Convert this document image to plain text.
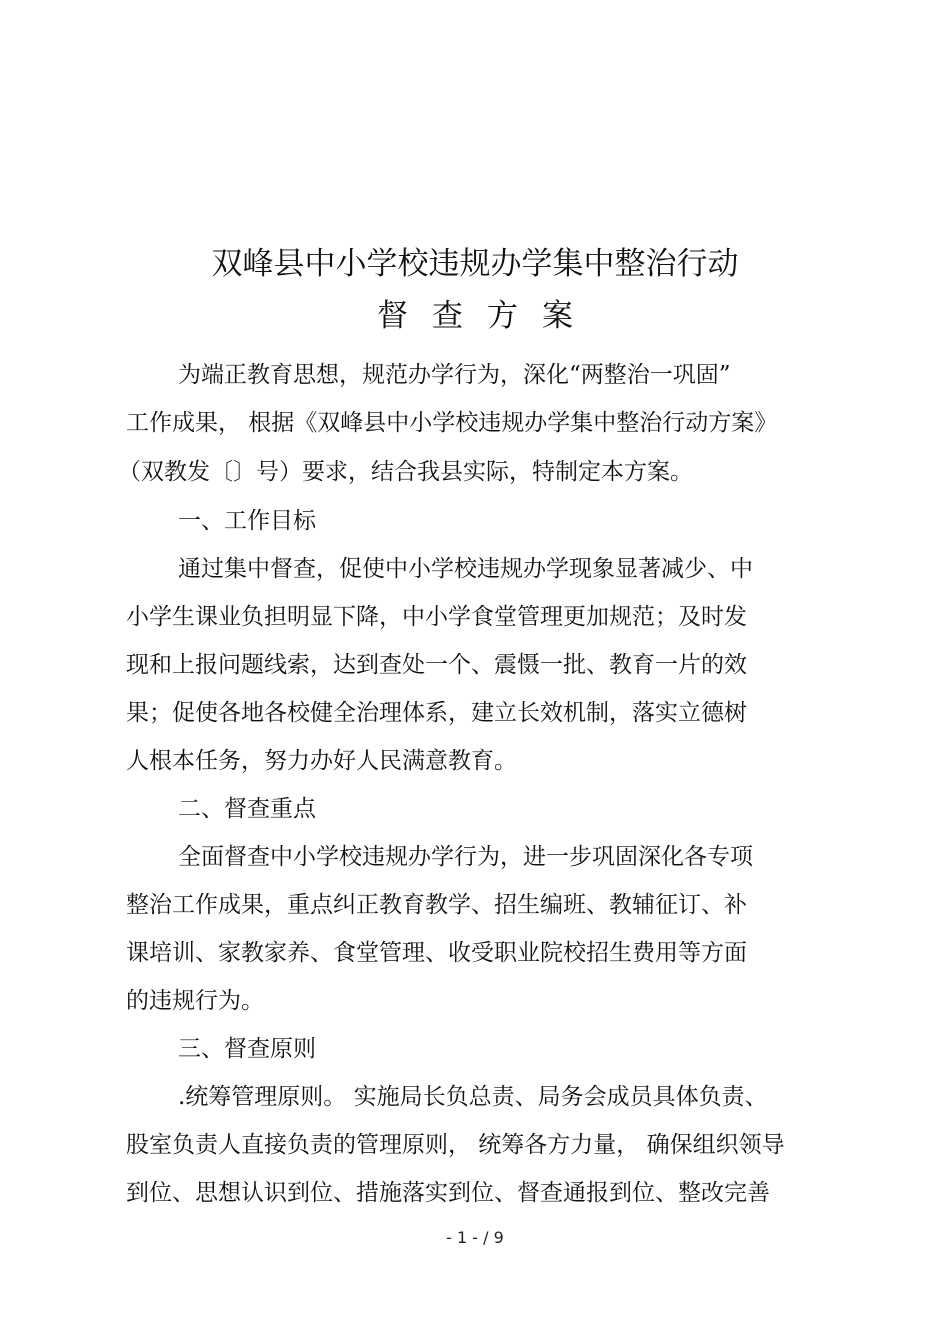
双峰县中小学校违规办学集中整治行动
督查方案
为端正教育思想，规范办学行为，深化“两整治一巩固”
工作成果， 根据《双峰县中小学校违规办学集中整治行动方案》
（双教发〔〕号）要求，结合我县实际，特制定本方案。
一、工作目标
通过集中督查，促使中小学校违规办学现象显著减少、中
小学生课业负担明显下降，中小学食堂管理更加规范；及时发
现和上报问题线索，达到查处一个、震慑一批、教育一片的效
果；促使各地各校健全治理体系，建立长效机制，落实立德树
人根本任务，努力办好人民满意教育。
二、督查重点
全面督查中小学校违规办学行为，进一步巩固深化各专项
整治工作成果，重点纠正教育教学、招生编班、教辅征订、补
课培训、家教家养、食堂管理、收受职业院校招生费用等方面
的违规行为。
三、督查原则
.统筹管理原则。 实施局长负总责、局务会成员具体负责、
股室负责人直接负责的管理原则， 统筹各方力量， 确保组织领导
到位、思想认识到位、措施落实到位、督查通报到位、整改完善
- 1 - / 9
